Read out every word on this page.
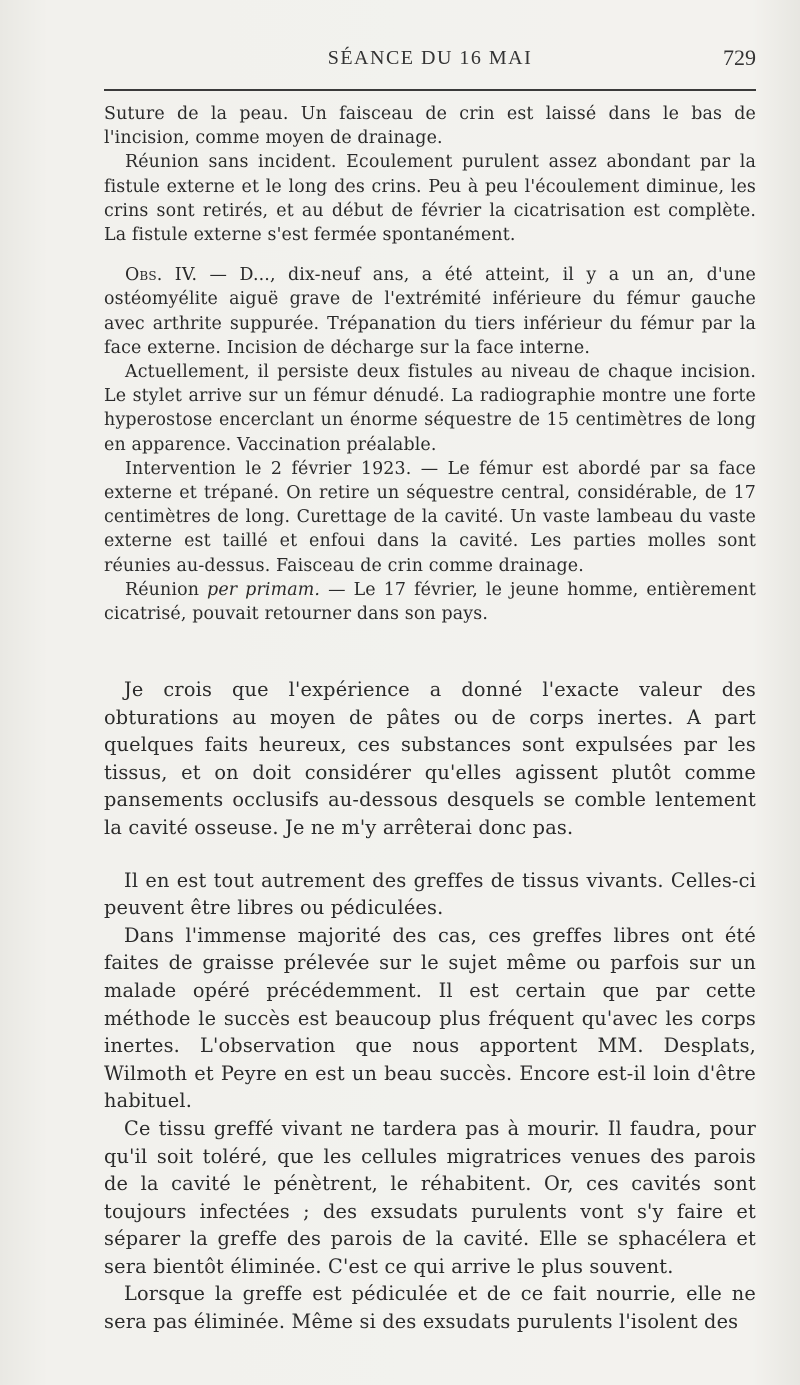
SÉANCE DU 16 MAI	729

Suture de la peau. Un faisceau de crin est laissé dans le bas de l'incision, comme moyen de drainage.

Réunion sans incident. Ecoulement purulent assez abondant par la fistule externe et le long des crins. Peu à peu l'écoulement diminue, les crins sont retirés, et au début de février la cicatrisation est complète. La fistule externe s'est fermée spontanément.

Obs. IV. — D..., dix-neuf ans, a été atteint, il y a un an, d'une ostéomyélite aiguë grave de l'extrémité inférieure du fémur gauche avec arthrite suppurée. Trépanation du tiers inférieur du fémur par la face externe. Incision de décharge sur la face interne.

Actuellement, il persiste deux fistules au niveau de chaque incision. Le stylet arrive sur un fémur dénudé. La radiographie montre une forte hyperostose encerclant un énorme séquestre de 15 centimètres de long en apparence. Vaccination préalable.

Intervention le 2 février 1923. — Le fémur est abordé par sa face externe et trépané. On retire un séquestre central, considérable, de 17 centimètres de long. Curettage de la cavité. Un vaste lambeau du vaste externe est taillé et enfoui dans la cavité. Les parties molles sont réunies au-dessus. Faisceau de crin comme drainage.

Réunion per primam. — Le 17 février, le jeune homme, entièrement cicatrisé, pouvait retourner dans son pays.

Je crois que l'expérience a donné l'exacte valeur des obturations au moyen de pâtes ou de corps inertes. A part quelques faits heureux, ces substances sont expulsées par les tissus, et on doit considérer qu'elles agissent plutôt comme pansements occlusifs au-dessous desquels se comble lentement la cavité osseuse. Je ne m'y arrêterai donc pas.

Il en est tout autrement des greffes de tissus vivants. Celles-ci peuvent être libres ou pédiculées.

Dans l'immense majorité des cas, ces greffes libres ont été faites de graisse prélevée sur le sujet même ou parfois sur un malade opéré précédemment. Il est certain que par cette méthode le succès est beaucoup plus fréquent qu'avec les corps inertes. L'observation que nous apportent MM. Desplats, Wilmoth et Peyre en est un beau succès. Encore est-il loin d'être habituel.

Ce tissu greffé vivant ne tardera pas à mourir. Il faudra, pour qu'il soit toléré, que les cellules migratrices venues des parois de la cavité le pénètrent, le réhabitent. Or, ces cavités sont toujours infectées ; des exsudats purulents vont s'y faire et séparer la greffe des parois de la cavité. Elle se sphacélera et sera bientôt éliminée. C'est ce qui arrive le plus souvent.

Lorsque la greffe est pédiculée et de ce fait nourrie, elle ne sera pas éliminée. Même si des exsudats purulents l'isolent des
